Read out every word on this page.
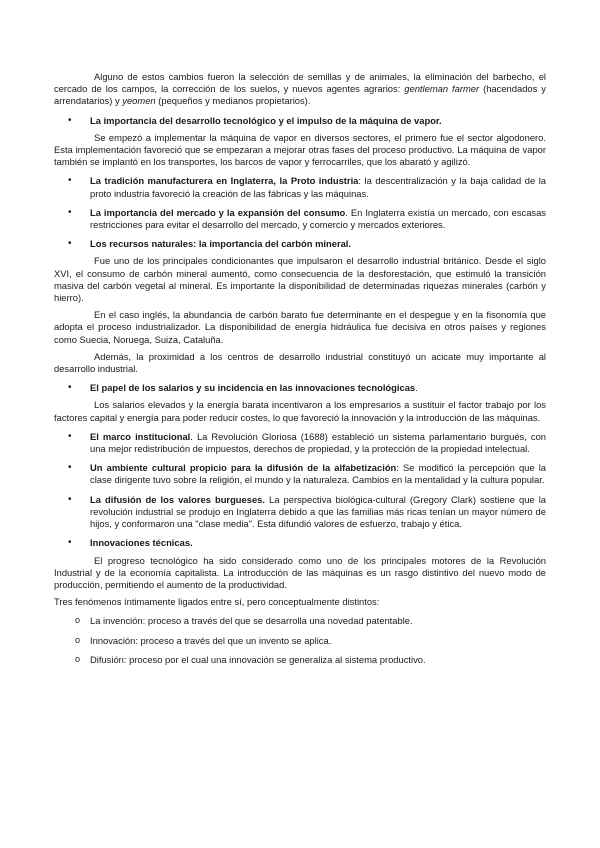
Alguno de estos cambios fueron la selección de semillas y de animales, la eliminación del barbecho, el cercado de los campos, la corrección de los suelos, y nuevos agentes agrarios: gentleman farmer (hacendados y arrendatarios) y yeomen (pequeños y medianos propietarios).

• La importancia del desarrollo tecnológico y el impulso de la máquina de vapor.

Se empezó a implementar la máquina de vapor en diversos sectores, el primero fue el sector algodonero. Esta implementación favoreció que se empezaran a mejorar otras fases del proceso productivo. La máquina de vapor también se implantó en los transportes, los barcos de vapor y ferrocarriles, que los abarató y agilizó.

• La tradición manufacturera en Inglaterra, la Proto industria: la descentralización y la baja calidad de la proto industria favoreció la creación de las fábricas y las máquinas.
• La importancia del mercado y la expansión del consumo. En Inglaterra existía un mercado, con escasas restricciones para evitar el desarrollo del mercado, y comercio y mercados exteriores.
• Los recursos naturales: la importancia del carbón mineral.

Fue uno de los principales condicionantes que impulsaron el desarrollo industrial británico. Desde el siglo XVI, el consumo de carbón mineral aumentó, como consecuencia de la desforestación, que estimuló la transición masiva del carbón vegetal al mineral. Es importante la disponibilidad de determinadas riquezas minerales (carbón y hierro).

En el caso inglés, la abundancia de carbón barato fue determinante en el despegue y en la fisonomía que adopta el proceso industrializador. La disponibilidad de energía hidráulica fue decisiva en otros países y regiones como Suecia, Noruega, Suiza, Cataluña.

Además, la proximidad a los centros de desarrollo industrial constituyó un acicate muy importante al desarrollo industrial.

• El papel de los salarios y su incidencia en las innovaciones tecnológicas.

Los salarios elevados y la energía barata incentivaron a los empresarios a sustituir el factor trabajo por los factores capital y energía para poder reducir costes, lo que favoreció la innovación y la introducción de las máquinas.

• El marco institucional. La Revolución Gloriosa (1688) estableció un sistema parlamentario burgués, con una mejor redistribución de impuestos, derechos de propiedad, y la protección de la propiedad intelectual.
• Un ambiente cultural propicio para la difusión de la alfabetización: Se modificó la percepción que la clase dirigente tuvo sobre la religión, el mundo y la naturaleza. Cambios en la mentalidad y la cultura popular.
• La difusión de los valores burgueses. La perspectiva biológica-cultural (Gregory Clark) sostiene que la revolución industrial se produjo en Inglaterra debido a que las familias más ricas tenían un mayor número de hijos, y conformaron una "clase media". Esta difundió valores de esfuerzo, trabajo y ética.
• Innovaciones técnicas.

El progreso tecnológico ha sido considerado como uno de los principales motores de la Revolución Industrial y de la economía capitalista. La introducción de las máquinas es un rasgo distintivo del nuevo modo de producción, permitiendo el aumento de la productividad.

Tres fenómenos íntimamente ligados entre sí, pero conceptualmente distintos:

o La invención: proceso a través del que se desarrolla una novedad patentable.
o Innovación: proceso a través del que un invento se aplica.
o Difusión: proceso por el cual una innovación se generaliza al sistema productivo.
